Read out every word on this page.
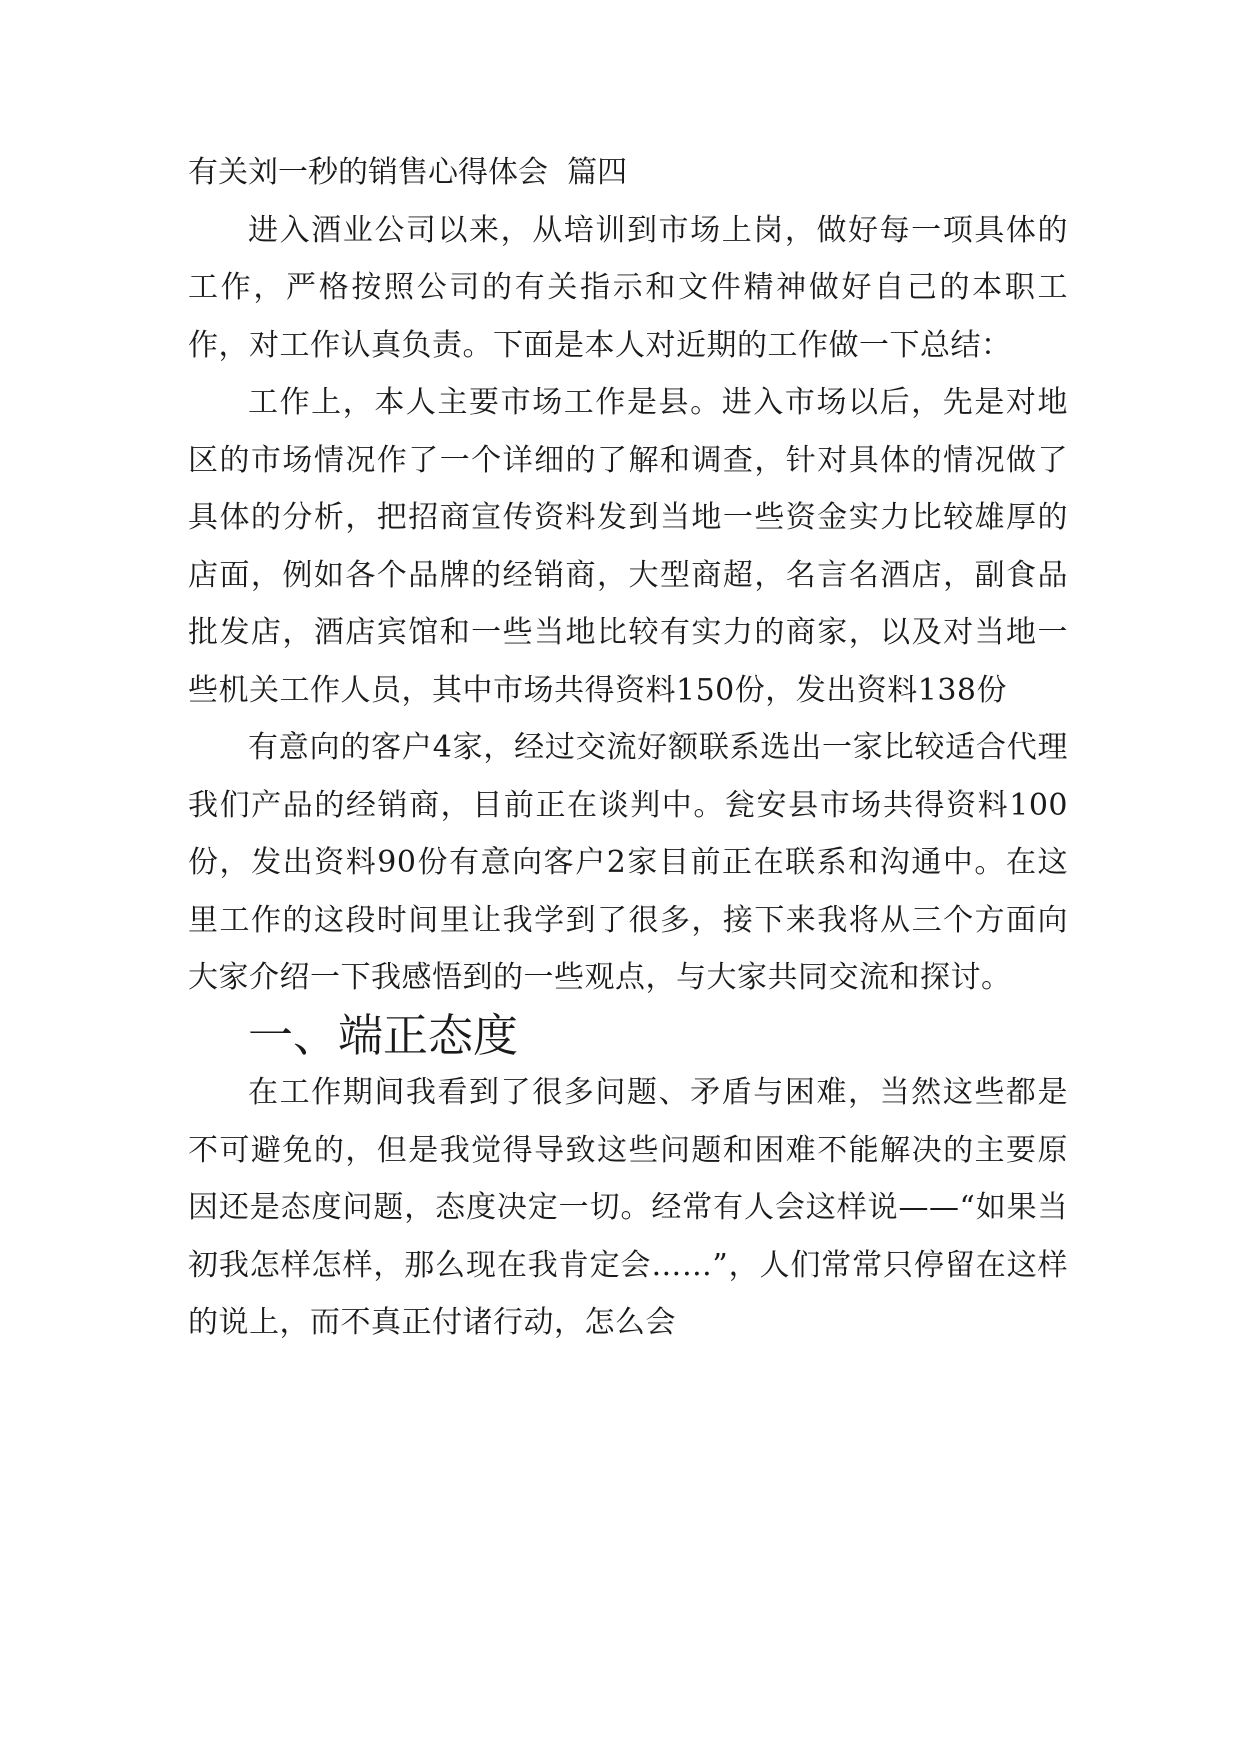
有关刘一秒的销售心得体会  篇四

进入酒业公司以来，从培训到市场上岗，做好每一项具体的工作，严格按照公司的有关指示和文件精神做好自己的本职工作，对工作认真负责。下面是本人对近期的工作做一下总结：

工作上，本人主要市场工作是县。进入市场以后，先是对地区的市场情况作了一个详细的了解和调查，针对具体的情况做了具体的分析，把招商宣传资料发到当地一些资金实力比较雄厚的店面，例如各个品牌的经销商，大型商超，名言名酒店，副食品批发店，酒店宾馆和一些当地比较有实力的商家，以及对当地一些机关工作人员，其中市场共得资料150份，发出资料138份

有意向的客户4家，经过交流好额联系选出一家比较适合代理我们产品的经销商，目前正在谈判中。瓮安县市场共得资料100份，发出资料90份有意向客户2家目前正在联系和沟通中。在这里工作的这段时间里让我学到了很多，接下来我将从三个方面向大家介绍一下我感悟到的一些观点，与大家共同交流和探讨。

一、端正态度

在工作期间我看到了很多问题、矛盾与困难，当然这些都是不可避免的，但是我觉得导致这些问题和困难不能解决的主要原因还是态度问题，态度决定一切。经常有人会这样说——“如果当初我怎样怎样，那么现在我肯定会……”，人们常常只停留在这样的说上，而不真正付诸行动，怎么会
